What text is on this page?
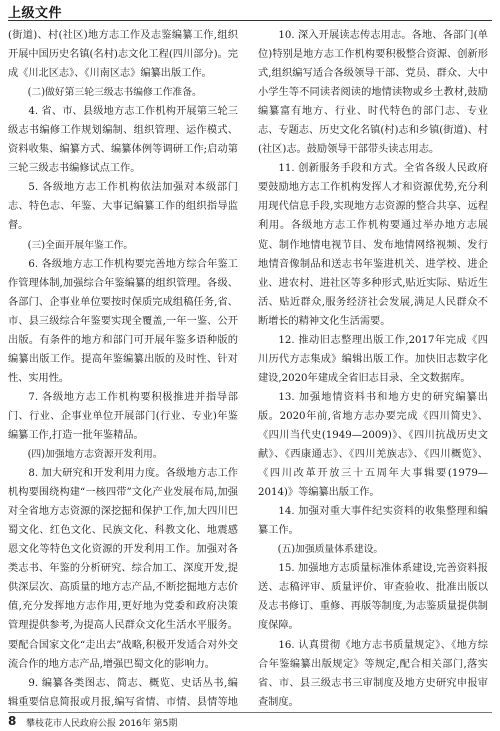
上级文件

(街道)、村(社区)地方志工作及志鉴编纂工作,组织开展中国历史名镇(名村)志文化工程(四川部分)。完成《川北区志》、《川南区志》编纂出版工作。

(二)做好第三轮三级志书编修工作准备。

4. 省、市、县级地方志工作机构开展第三轮三级志书编修工作规划编制、组织管理、运作模式、资料收集、编纂方式、编纂体例等调研工作;启动第三轮三级志书编修试点工作。

5. 各级地方志工作机构依法加强对本级部门志、特色志、年鉴、大事记编纂工作的组织指导监督。

(三)全面开展年鉴工作。

6. 各级地方志工作机构要完善地方综合年鉴工作管理体制,加强综合年鉴编纂的组织管理。各级、各部门、企事业单位要按时保质完成组稿任务,省、市、县三级综合年鉴要实现全覆盖,一年一鉴、公开出版。有条件的地方和部门可开展年鉴多语种版的编纂出版工作。提高年鉴编纂出版的及时性、针对性、实用性。

7. 各级地方志工作机构要积极推进并指导部门、行业、企事业单位开展部门(行业、专业)年鉴编纂工作,打造一批年鉴精品。

(四)加强地方志资源开发利用。

8. 加大研究和开发利用力度。各级地方志工作机构要围绕构建“一核四带”文化产业发展布局,加强对全省地方志资源的深挖掘和保护工作,加大四川巴蜀文化、红色文化、民族文化、科教文化、地震感恩文化等特色文化资源的开发利用工作。加强对各类志书、年鉴的分析研究、综合加工、深度开发,提供深层次、高质量的地方志产品,不断挖掘地方志价值,充分发挥地方志作用,更好地为党委和政府决策管理提供参考,为提高人民群众文化生活水平服务。要配合国家文化“走出去”战略,积极开发适合对外交流合作的地方志产品,增强巴蜀文化的影响力。

9. 编纂各类图志、简志、概览、史话丛书,编辑重要信息简报或月报,编写省情、市情、县情等地

10. 深入开展读志传志用志。各地、各部门(单位)特别是地方志工作机构要积极整合资源、创新形式,组织编写适合各级领导干部、党员、群众、大中小学生等不同读者阅读的地情读物或乡土教材,鼓励编纂富有地方、行业、时代特色的部门志、专业志、专题志、历史文化名镇(村)志和乡镇(街道)、村(社区)志。鼓励领导干部带头读志用志。

11. 创新服务手段和方式。全省各级人民政府要鼓励地方志工作机构发挥人才和资源优势,充分利用现代信息手段,实现地方志资源的整合共享、远程利用。各级地方志工作机构要通过举办地方志展览、制作地情电视节目、发布地情网络视频、发行地情音像制品和送志书年鉴进机关、进学校、进企业、进农村、进社区等多种形式,贴近实际、贴近生活、贴近群众,服务经济社会发展,满足人民群众不断增长的精神文化生活需要。

12. 推动旧志整理出版工作,2017年完成《四川历代方志集成》编辑出版工作。加快旧志数字化建设,2020年建成全省旧志目录、全文数据库。

13. 加强地情资料书和地方史的研究编纂出版。2020年前,省地方志办要完成《四川简史》、《四川当代史(1949—2009)》、《四川抗战历史文献》、《西康通志》、《四川羌族志》、《四川概览》、《四川改革开放三十五周年大事辑要(1979—2014)》等编纂出版工作。

14. 加强对重大事件纪实资料的收集整理和编纂工作。

(五)加强质量体系建设。

15. 加强地方志质量标准体系建设,完善资料报送、志稿评审、质量评价、审查验收、批准出版以及志书修订、重修、再版等制度,为志鉴质量提供制度保障。

16. 认真贯彻《地方志书质量规定》、《地方综合年鉴编纂出版规定》等规定,配合相关部门,落实省、市、县三级志书三审制度及地方史研究申报审查制度。

8 攀枝花市人民政府公报 2016年 第5期
